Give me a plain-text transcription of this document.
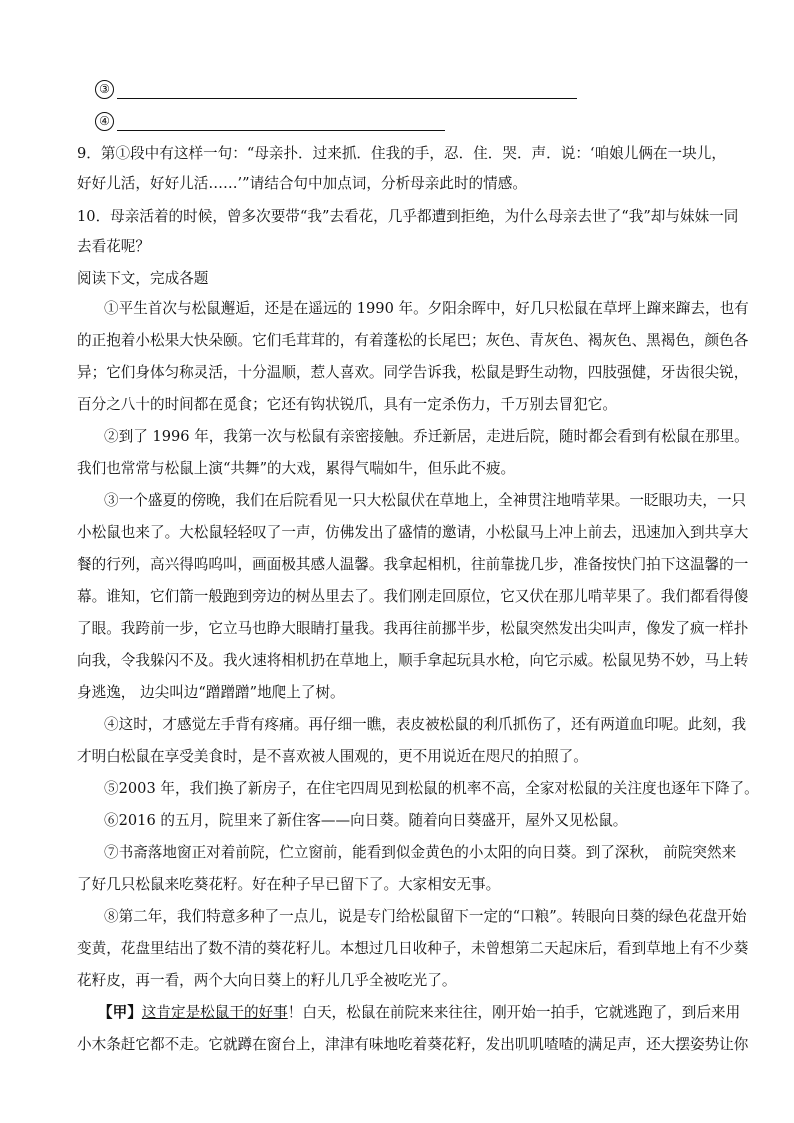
③
④
9．第①段中有这样一句：“母亲扑．过来抓．住我的手，忍．住．哭．声．说：‘咱娘儿俩在一块儿，
好好儿活，好好儿活……’”请结合句中加点词，分析母亲此时的情感。
10．母亲活着的时候，曾多次要带“我”去看花，几乎都遭到拒绝，为什么母亲去世了“我”却与妹妹一同
去看花呢？
阅读下文，完成各题
①平生首次与松鼠邂逅，还是在遥远的 1990 年。夕阳余晖中，好几只松鼠在草坪上蹿来蹿去，也有
的正抱着小松果大快朵颐。它们毛茸茸的，有着蓬松的长尾巴；灰色、青灰色、褐灰色、黑褐色，颜色各
异；它们身体匀称灵活，十分温顺，惹人喜欢。同学告诉我，松鼠是野生动物，四肢强健，牙齿很尖锐，
百分之八十的时间都在觅食；它还有钩状锐爪，具有一定杀伤力，千万别去冒犯它。
②到了 1996 年，我第一次与松鼠有亲密接触。乔迁新居，走进后院，随时都会看到有松鼠在那里。
我们也常常与松鼠上演“共舞”的大戏，累得气喘如牛，但乐此不疲。
③一个盛夏的傍晚，我们在后院看见一只大松鼠伏在草地上，全神贯注地啃苹果。一眨眼功夫，一只
小松鼠也来了。大松鼠轻轻叹了一声，仿佛发出了盛情的邀请，小松鼠马上冲上前去，迅速加入到共享大
餐的行列，高兴得呜呜叫，画面极其感人温馨。我拿起相机，往前靠拢几步，准备按快门拍下这温馨的一
幕。谁知，它们箭一般跑到旁边的树丛里去了。我们刚走回原位，它又伏在那儿啃苹果了。我们都看得傻
了眼。我跨前一步，它立马也睁大眼睛打量我。我再往前挪半步，松鼠突然发出尖叫声，像发了疯一样扑
向我，令我躲闪不及。我火速将相机扔在草地上，顺手拿起玩具水枪，向它示威。松鼠见势不妙，马上转
身逃逸， 边尖叫边“蹭蹭蹭”地爬上了树。
④这时，才感觉左手背有疼痛。再仔细一瞧，表皮被松鼠的利爪抓伤了，还有两道血印呢。此刻，我
才明白松鼠在享受美食时，是不喜欢被人围观的，更不用说近在咫尺的拍照了。
⑤2003 年，我们换了新房子，在住宅四周见到松鼠的机率不高，全家对松鼠的关注度也逐年下降了。
⑥2016 的五月，院里来了新住客——向日葵。随着向日葵盛开，屋外又见松鼠。
⑦书斋落地窗正对着前院，伫立窗前，能看到似金黄色的小太阳的向日葵。到了深秋， 前院突然来
了好几只松鼠来吃葵花籽。好在种子早已留下了。大家相安无事。
⑧第二年，我们特意多种了一点儿，说是专门给松鼠留下一定的“口粮”。转眼向日葵的绿色花盘开始
变黄，花盘里结出了数不清的葵花籽儿。本想过几日收种子，未曾想第二天起床后，看到草地上有不少葵
花籽皮，再一看，两个大向日葵上的籽儿几乎全被吃光了。
【甲】这肯定是松鼠干的好事！白天，松鼠在前院来来往往，刚开始一拍手，它就逃跑了，到后来用
小木条赶它都不走。它就蹲在窗台上，津津有味地吃着葵花籽，发出叽叽喳喳的满足声，还大摆姿势让你
